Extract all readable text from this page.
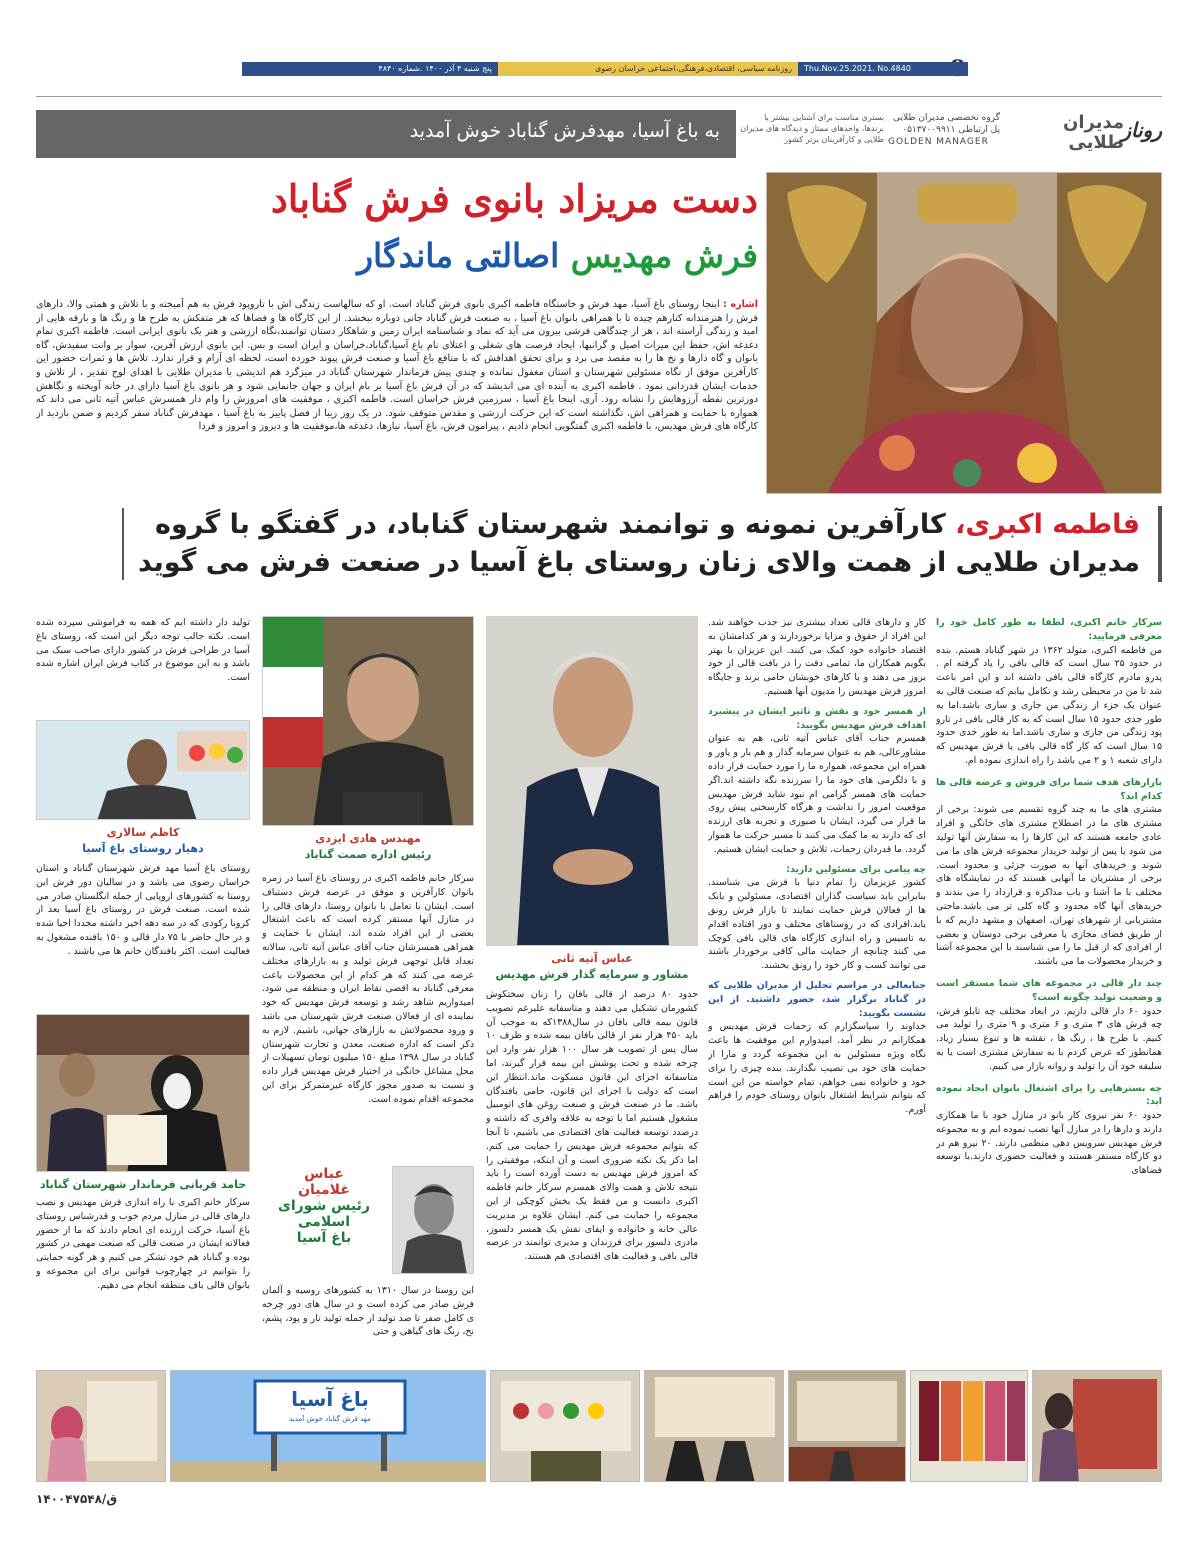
Thu.Nov.25.2021. No.4840
روزنامه سیاسی، اقتصادی،فرهنگی،اجتماعی خراسان رضوی
پنج شنبه ۴ آذر ۱۴۰۰ .شماره ۴۸۴۰
مدیران
طلایی
روناز
گروه تخصصی مدیران طلایی
پل ارتباطی ۰۵۱۳۷۰۰۹۹۱۱
GOLDEN MANAGER
بستری مناسب برای آشنایی بیشتر با برندها، واحدهای ممتاز و دیدگاه های مدیران طلایی و کارآفرینان برتر کشور
به باغ آسیا، مهدفرش گناباد خوش آمدید
دست مریزاد بانوی فرش گناباد
فرش مهدیس اصالتی ماندگار
اشاره : اینجا روستای باغ آسیا، مهد فرش و خاستگاه فاطمه اکبری بانوی فرش گناباد است. او که سالهاست زندگی اش با تاروپود فرش به هم آمیخته و با تلاش و همتی والا، دارهای فرش را هنرمندانه کنارهم چیده تا با همراهی بانوان باغ آسیا ، به صنعت فرش گناباد جانی دوباره ببخشد. از این کارگاه ها و فضاها که هر متفکش به طرح ها و رنگ ها و بارقه هایی از امید و زندگی آراسته اند ، هر از چندگاهی فرشی بیرون می آید که نماد و شناسنامه ایران زمین و شاهکار دستان توانمند،نگاه ارزشی و هنر یک بانوی ایرانی است. فاطمه اکبری تمام دغدغه اش، حفظ این میراث اصیل و گرانبها، ایجاد فرصت های شغلی و اعتلای نام باغ آسیا،گناباد،خراسان و ایران است و بس. این بانوی ارزش آفرین، سوار بر وانت سفیدش، گاه بانوان و گاه دارها و نخ ها را به مقصد می برد و برای تحقق اهدافش که با منافع باغ آسیا و صنعت فرش پیوند خورده است، لحظه ای آرام و قرار ندارد. تلاش ها و ثمرات حضور این کارآفرین موفق از نگاه مسئولین شهرستان و استان مغفول نمانده و چندی پیش فرماندار شهرستان گناباد در میزگرد هم اندیشی با مدیران طلایی با اهدای لوح تقدیر ، از تلاش و خدمات ایشان قدردانی نمود . فاطمه اکبری به آینده ای می اندیشد که در آن فرش باغ آسیا بر بام ایران و جهان جانمایی شود و هر بانوی باغ آسیا دارای در خانه آویخته و نگاهش دورترین نقطه آرزوهایش را نشانه رود. آری، اینجا باغ آسیا ، سرزمین فرش خراسان است. فاطمه اکبری ، موفقیت های امروزش را وام دار همسرش عباس آتیه ثانی می داند که همواره با حمایت و همراهی اش، نگذاشته است که این حرکت ارزشی و مقدس متوقف شود. در یک روز زیبا از فصل پاییز به باغ آسیا ، مهدفرش گناباد سفر کردیم و ضمن بازدید از کارگاه های فرش مهدیس، با فاطمه اکبری گفتگویی انجام دادیم ، پیرامون فرش، باغ آسیا، نیازها، دغدغه ها،موفقیت ها و دیروز و امروز و فردا
فاطمه اکبری، کارآفرین نمونه و توانمند شهرستان گناباد، در گفتگو با گروه
مدیران طلایی از همت والای زنان روستای باغ آسیا در صنعت فرش می گوید
سرکار خانم اکبری، لطفا به طور کامل خود را معرفی فرمایید:
من فاطمه اکبری، متولد ۱۳۶۲ در شهر گناباد هستم. بنده در حدود ۲۵ سال است که قالی بافی را یاد گرفته ام . پدرو مادرم کارگاه قالی بافی داشته اند و این امر باعث شد تا من در محیطی رشد و تکامل بیابم که صنعت قالی به عنوان یک جزء از زندگی من جاری و ساری باشد.اما به طور جدی حدود ۱۵ سال است که به کار قالی بافی در تارو پود زندگی من جاری و ساری باشد.اما به طور جدی حدود ۱۵ سال است که کار گاه قالی بافی یا فرش مهدیس که دارای شعبه ۱ و ۲ می باشد را راه اندازی نموده ام.
بازارهای هدف شما برای فروش و عرضه قالی ها کدام اند؟
مشتری های ما به چند گروه تقسیم می شوند: برخی از مشتری های ما در اصطلاح مشتری های خانگی و افراد عادی جامعه هستند که این کارها را به سفارش آنها تولید می شود یا پس از تولید خریدار مجموعه فرش های ما می شوند و خریدهای آنها به صورت جزئی و محدود است. برخی از مشتریان ما آنهایی هستند که در نمایشگاه های مختلف با ما آشنا و باب مذاکره و قرارداد را می بندند و خریدهای آنها گاه محدود و گاه کلی تر می باشد.ماحتی مشتریانی از شهرهای تهران، اصفهان و مشهد داریم که با از طریق فضای مجازی یا معرفی برخی دوستان و بعضی از افرادی که از قبل ما را می شناسند با این مجموعه آشنا و خریدار محصولات ما می باشند.
چند دار قالی در مجموعه های شما مستقر است و وضعیت تولید چگونه است؟
حدود ۶۰ دار قالی داریم. در ابعاد مختلف چه تابلو فرش، چه فرش های ۳ متری و ۶ متری و ۹ متری را تولید می کنیم. با طرح ها ، رنگ ها ، نقشه ها و تنوع بسیار زیاد. همانطور که عرض کردم با به سفارش مشتری است یا به سلیقه خود آن را تولید و روانه بازار می کنیم.
چه بسترهایی را برای اشتغال بانوان ایجاد نموده اید:
حدود ۶۰ نفر نیروی کار بانو در منازل خود با ما همکاری دارند و دارها را در منازل آنها نصب نموده ایم و به مجموعه فرش مهدیس سرویس دهی منظمی دارند. ۲۰ نیرو هم در دو کارگاه مستقر هستند و فعالیت حضوری دارند.با توسعه فضاهای
کار و دارهای قالی تعداد بیشتری نیز جذب خواهند شد. این افراد از حقوق و مزایا برخوردارند و هر کدامشان به اقتصاد خانواده خود کمک می کنند. این عزیزان با بهتر بگویم همکاران ما، تمامی دقت را در بافت قالی از خود بروز می دهند و با کارهای خوبشان حامی برند و جایگاه امروز فرش مهدیس را مدیون آنها هستیم.
از همسر خود و نقش و تاثیر ایشان در پیشبرد اهداف فرش مهدیس بگویید:
همسرم جناب آقای عباس آتیه ثانی، هم به عنوان مشاورعالی، هم به عنوان سرمایه گذار و هم یار و یاور و همراه این مجموعه، همواره ما را مورد حمایت قرار داده و با دلگرمی های خود ما را سرزنده نگه داشته اند.اگر حمایت های همسر گرامی ام نبود شاید فرش مهدیس موقعیت امروز را نداشت و هرگاه کارسختی پیش روی ما قرار می گیرد، ایشان با صبوری و تجربه های ارزنده ای که دارند به ما کمک می کنند تا مسیر حرکت ما هموار گردد. ما قدردان زحمات، تلاش و حمایت ایشان هستیم.
چه پیامی برای مسئولین دارید:
کشور عزیزمان را تمام دنیا با فرش می شناسند. بنابراین باید سیاست گذاران اقتصادی، مسئولین و بانک ها از فعالان فرش حمایت نمایند تا بازار فرش رونق یابد.افرادی که در روستاهای مختلف و دور افتاده اقدام به تاسیس و راه اندازی کارگاه های قالی بافی کوچک می کنند چنانچه از حمایت مالی کافی برخوردار باشند می توانند کسب و کار خود را رونق بخشند.
جنابعالی در مراسم تجلیل از مدیران طلایی که در گناباد برگزار شد، حضور داشتید. از این نشست بگویید:
خداوند را سپاسگزارم که زحمات فرش مهدیس و همکارانم در نظر آمد. امیدوارم این موفقیت ها باعث نگاه ویژه مسئولین به این مجموعه گردد و مارا از حمایت های خود بی نصیب نگذارند. بنده چیزی را برای خود و خانواده نمی خواهم، تمام خواسته من این است که بتوانم شرایط اشتغال بانوان روستای خودم را فراهم آورم.
عباس آتیه ثانی
مشاور و سرمایه گذار فرش مهدیس
حدود ۸۰ درصد از قالی بافان را زنان سختکوش کشورمان تشکیل می دهند و متاسفانه علیرغم تصویب قانون بیمه قالی بافان در سال۱۳۸۸که به موجب آن باید ۴۵۰ هزار نفر از قالی بافان بیمه شده و ظرف ۱۰ سال پس از تصویب هر سال ۱۰۰ هزار نفر وارد این چرخه شده و تحت پوشش این بیمه قرار گیرند، اما متاسفانه اجرای این قانون مسکوت ماند.انتظار این است که دولت با اجرای این قانون، حامی بافندگان باشد. ما در صنعت فرش و صنعت روغن های اتومبیل مشغول هستیم اما با توجه به علاقه وافری که داشته و درصدد توسعه فعالیت های اقتصادی می باشیم، تا آنجا که بتوانم مجموعه فرش مهدیس را حمایت می کنم. اما ذکر یک نکته ضروری است و آن اینکه، موفقیتی را که امروز فرش مهدیس به دست آورده است را باید نتیجه تلاش و همت والای همسرم سرکار خانم فاطمه اکبری دانست و من فقط یک بخش کوچکی از این مجموعه را حمایت می کنم. ایشان علاوه بر مدیریت عالی خانه و خانواده و ایفای نقش یک همسر دلسوز، مادری دلسوز برای فرزندان و مدیری توانمند در عرصه قالی بافی و فعالیت های اقتصادی هم هستند.
مهندس هادی ایزدی
رئیس اداره صمت گناباد
سرکار خانم فاطمه اکبری در روستای باغ آسیا در زمره بانوان کارآفرین و موفق در عرصه فرش دستباف است. ایشان با تعامل با بانوان روستا، دارهای قالی را در منازل آنها مستقر کرده است که باعث اشتغال بعضی از این افراد شده اند. ایشان با حمایت و همراهی همسرشان جناب آقای عباس آتیه ثانی، سالانه تعداد قابل توجهی فرش تولید و به بازارهای مختلف عرضه می کنند که هر کدام از این محصولات باعث معرفی گناباد به اقصی نقاط ایران و منطقه می شود. امیدواریم شاهد رشد و توسعه فرش مهدیس که خود نماینده ای از فعالان صنعت فرش شهرستان می باشد و ورود محصولاتش به بازارهای جهانی، باشیم. لازم به ذکر است که اداره صنعت، معدن و تجارت شهرستان گناباد در سال ۱۳۹۸ مبلغ ۱۵۰ میلیون تومان تسهیلات از محل مشاغل خانگی در اختیار فرش مهدیس قرار داده و نسبت به صدور مجوز کارگاه غیرمتمرکز برای این مجموعه اقدام نموده است.
عباس
غلامیان
رئیس شورای
اسلامی
باغ آسیا
این روستا در سال ۱۳۱۰ به کشورهای روسیه و آلمان فرش صادر می کرده است و در سال های دور چرخه ی کامل صفر تا صد تولید از جمله تولید تار و پود، پشم، نخ، رنگ های گیاهی و حتی
تولید دار داشته ایم که همه به فراموشی سپرده شده است. نکته جالب توجه دیگر این است که، روستای باغ آسیا در طراحی فرش در کشور دارای صاحب سبک می باشد و به این موضوع در کتاب فرش ایران اشاره شده است.
کاظم سالاری
دهیار روستای باغ آسیا
روستای باغ آسیا مهد فرش شهرستان گناباد و استان خراسان رضوی می باشد و در سالیان دور فرش این روستا به کشورهای اروپایی از جمله انگلستان صادر می شده است. صنعت فرش در روستای باغ آسیا بعد از کرونا رکودی که در سه دهه اخیر داشته مجددا احیا شده و در حال حاضر با ۷۵ دار قالی و ۱۵۰ بافنده مشغول به فعالیت است. اکثر بافندگان خانم ها می باشند .
حامد قربانی فرماندار شهرستان گناباد
سرکار خانم اکبری با راه اندازی فرش مهدیس و نصب دارهای قالی در منازل مردم خوب و قدرشناس روستای باغ آسیا، حرکت ارزنده ای انجام دادند که ما از حضور فعالانه ایشان در صنعت قالی که صنعت مهمی در کشور بوده و گناباد هم خود تشکر می کنیم و هر گونه حمایتی را بتوانیم در چهارچوب قوانین برای این مجموعه و بانوان قالی باف منطقه انجام می دهیم.
باغ آسیا
مهد فرش گناباد خوش آمدید
۱۴۰۰۴۷۵۴۸/ق
